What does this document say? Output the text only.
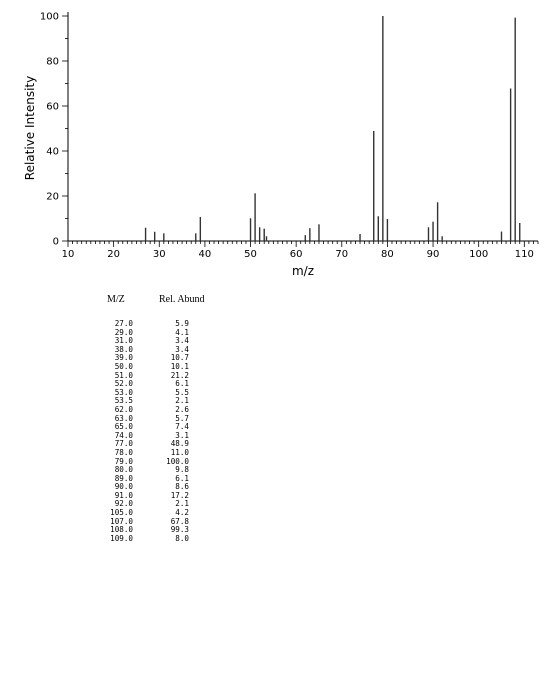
10	20	30	40	50	60	70	80	90	100	110
0
20
40
60
80
100
m/z
Relative Intensity
M/Z	Rel. Abund
27.0	5.9
29.0	4.1
31.0	3.4
38.0	3.4
39.0	10.7
50.0	10.1
51.0	21.2
52.0	6.1
53.0	5.5
53.5	2.1
62.0	2.6
63.0	5.7
65.0	7.4
74.0	3.1
77.0	48.9
78.0	11.0
79.0	100.0
80.0	9.8
89.0	6.1
90.0	8.6
91.0	17.2
92.0	2.1
105.0	4.2
107.0	67.8
108.0	99.3
109.0	8.0
